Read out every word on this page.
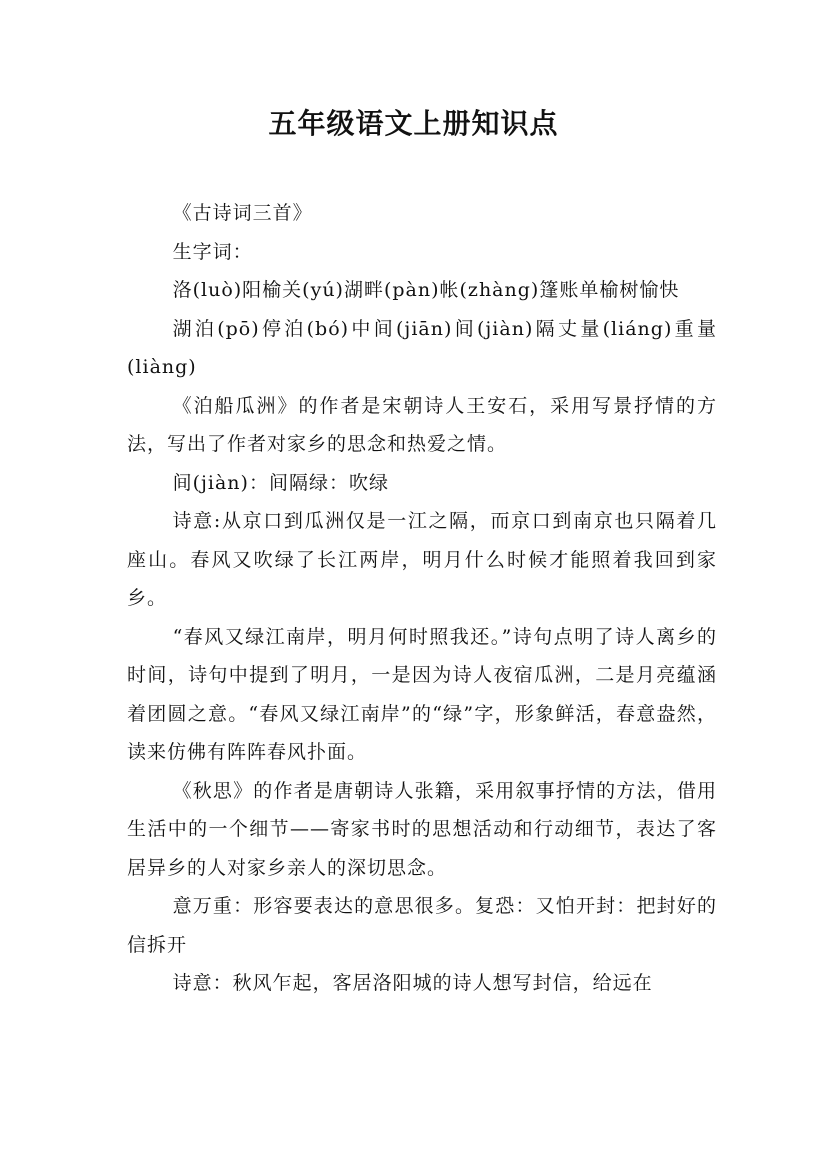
五年级语文上册知识点

《古诗词三首》

生字词：

洛(luò)阳榆关(yú)湖畔(pàn)帐(zhàng)篷账单榆树愉快

湖泊(pō)停泊(bó)中间(jiān)间(jiàn)隔丈量(liáng)重量(liàng)

《泊船瓜洲》的作者是宋朝诗人王安石，采用写景抒情的方法，写出了作者对家乡的思念和热爱之情。

间(jiàn)：间隔绿：吹绿

诗意:从京口到瓜洲仅是一江之隔，而京口到南京也只隔着几座山。春风又吹绿了长江两岸，明月什么时候才能照着我回到家乡。

“春风又绿江南岸，明月何时照我还。”诗句点明了诗人离乡的时间，诗句中提到了明月，一是因为诗人夜宿瓜洲，二是月亮蕴涵着团圆之意。“春风又绿江南岸”的“绿”字，形象鲜活，春意盎然，读来仿佛有阵阵春风扑面。

《秋思》的作者是唐朝诗人张籍，采用叙事抒情的方法，借用生活中的一个细节——寄家书时的思想活动和行动细节，表达了客居异乡的人对家乡亲人的深切思念。

意万重：形容要表达的意思很多。复恐：又怕开封：把封好的信拆开

诗意：秋风乍起，客居洛阳城的诗人想写封信，给远在
